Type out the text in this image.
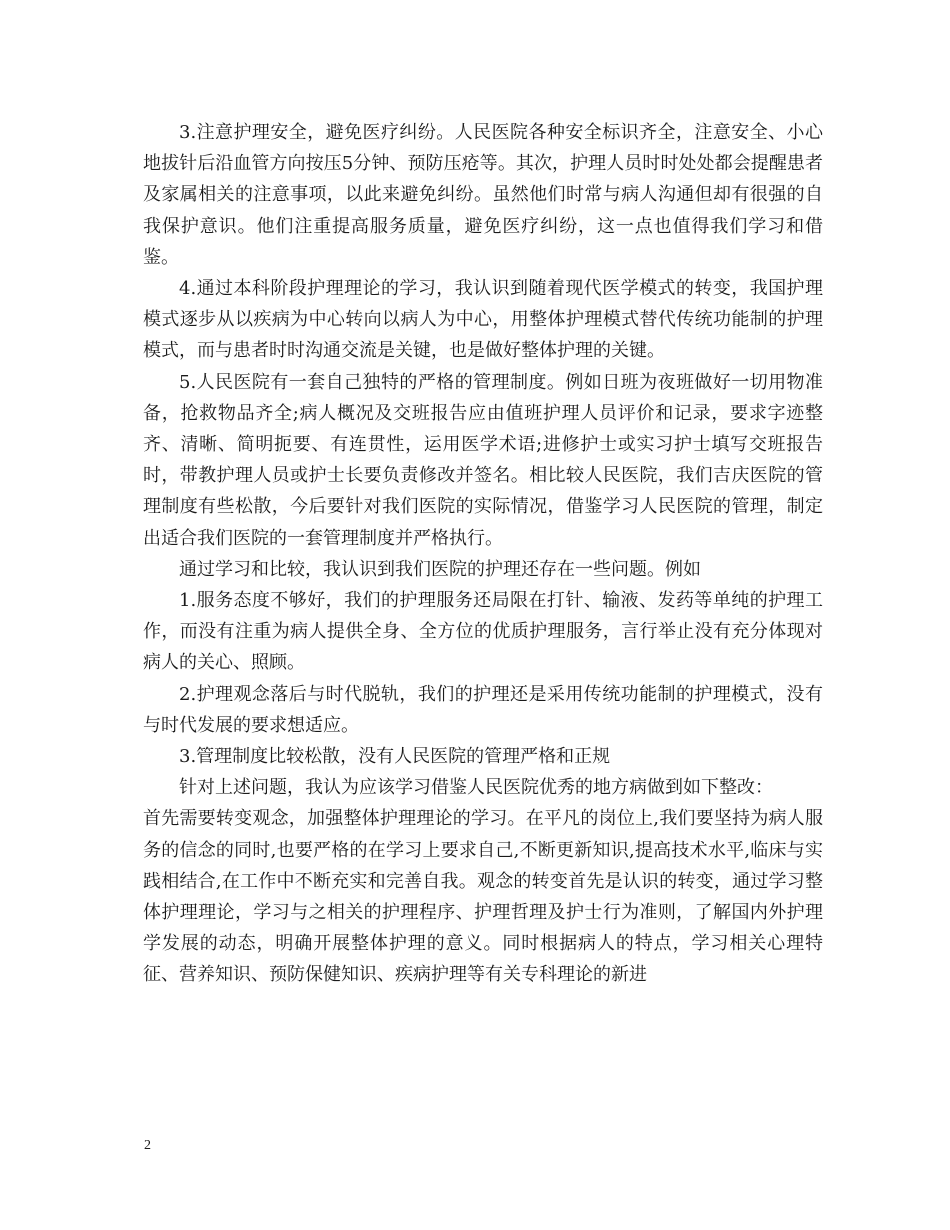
3.注意护理安全，避免医疗纠纷。人民医院各种安全标识齐全，注意安全、小心地拔针后沿血管方向按压5分钟、预防压疮等。其次，护理人员时时处处都会提醒患者及家属相关的注意事项，以此来避免纠纷。虽然他们时常与病人沟通但却有很强的自我保护意识。他们注重提高服务质量，避免医疗纠纷，这一点也值得我们学习和借鉴。

4.通过本科阶段护理理论的学习，我认识到随着现代医学模式的转变，我国护理模式逐步从以疾病为中心转向以病人为中心，用整体护理模式替代传统功能制的护理模式，而与患者时时沟通交流是关键，也是做好整体护理的关键。

5.人民医院有一套自己独特的严格的管理制度。例如日班为夜班做好一切用物准备，抢救物品齐全;病人概况及交班报告应由值班护理人员评价和记录，要求字迹整齐、清晰、简明扼要、有连贯性，运用医学术语;进修护士或实习护士填写交班报告时，带教护理人员或护士长要负责修改并签名。相比较人民医院，我们吉庆医院的管理制度有些松散，今后要针对我们医院的实际情况，借鉴学习人民医院的管理，制定出适合我们医院的一套管理制度并严格执行。

通过学习和比较，我认识到我们医院的护理还存在一些问题。例如

1.服务态度不够好，我们的护理服务还局限在打针、输液、发药等单纯的护理工作，而没有注重为病人提供全身、全方位的优质护理服务，言行举止没有充分体现对病人的关心、照顾。

2.护理观念落后与时代脱轨，我们的护理还是采用传统功能制的护理模式，没有与时代发展的要求想适应。

3.管理制度比较松散，没有人民医院的管理严格和正规

针对上述问题，我认为应该学习借鉴人民医院优秀的地方病做到如下整改：

首先需要转变观念，加强整体护理理论的学习。在平凡的岗位上,我们要坚持为病人服务的信念的同时,也要严格的在学习上要求自己,不断更新知识,提高技术水平,临床与实践相结合,在工作中不断充实和完善自我。观念的转变首先是认识的转变，通过学习整体护理理论，学习与之相关的护理程序、护理哲理及护士行为准则，了解国内外护理学发展的动态，明确开展整体护理的意义。同时根据病人的特点，学习相关心理特征、营养知识、预防保健知识、疾病护理等有关专科理论的新进

2
